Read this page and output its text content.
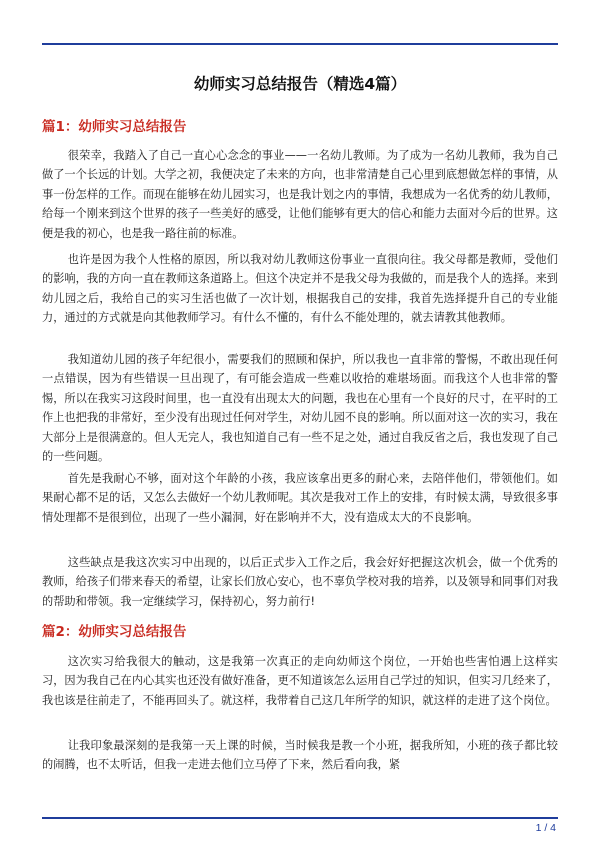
幼师实习总结报告（精选4篇）
篇1：幼师实习总结报告

很荣幸，我踏入了自己一直心心念念的事业——一名幼儿教师。为了成为一名幼儿教师，我为自己做了一个长远的计划。大学之初，我便决定了未来的方向，也非常清楚自己心里到底想做怎样的事情，从事一份怎样的工作。而现在能够在幼儿园实习，也是我计划之内的事情，我想成为一名优秀的幼儿教师，给每一个刚来到这个世界的孩子一些美好的感受，让他们能够有更大的信心和能力去面对今后的世界。这便是我的初心，也是我一路往前的标准。

也许是因为我个人性格的原因，所以我对幼儿教师这份事业一直很向往。我父母都是教师，受他们的影响，我的方向一直在教师这条道路上。但这个决定并不是我父母为我做的，而是我个人的选择。来到幼儿园之后，我给自己的实习生活也做了一次计划，根据我自己的安排，我首先选择提升自己的专业能力，通过的方式就是向其他教师学习。有什么不懂的，有什么不能处理的，就去请教其他教师。

我知道幼儿园的孩子年纪很小，需要我们的照顾和保护，所以我也一直非常的警惕，不敢出现任何一点错误，因为有些错误一旦出现了，有可能会造成一些难以收拾的难堪场面。而我这个人也非常的警惕，所以在我实习这段时间里，也一直没有出现太大的问题，我也在心里有一个良好的尺寸，在平时的工作上也把我的非常好，至少没有出现过任何对学生，对幼儿园不良的影响。所以面对这一次的实习，我在大部分上是很满意的。但人无完人，我也知道自己有一些不足之处，通过自我反省之后，我也发现了自己的一些问题。

首先是我耐心不够，面对这个年龄的小孩，我应该拿出更多的耐心来，去陪伴他们，带领他们。如果耐心都不足的话，又怎么去做好一个幼儿教师呢。其次是我对工作上的安排，有时候太满，导致很多事情处理都不是很到位，出现了一些小漏洞，好在影响并不大，没有造成太大的不良影响。

这些缺点是我这次实习中出现的，以后正式步入工作之后，我会好好把握这次机会，做一个优秀的教师，给孩子们带来春天的希望，让家长们放心安心，也不辜负学校对我的培养，以及领导和同事们对我的帮助和带领。我一定继续学习，保持初心，努力前行!

篇2：幼师实习总结报告

这次实习给我很大的触动，这是我第一次真正的走向幼师这个岗位，一开始也些害怕遇上这样实习，因为我自己在内心其实也还没有做好准备，更不知道该怎么运用自己学过的知识，但实习几经来了，我也该是往前走了，不能再回头了。就这样，我带着自己这几年所学的知识，就这样的走进了这个岗位。

让我印象最深刻的是我第一天上课的时候，当时候我是教一个小班，据我所知，小班的孩子都比较的闹腾，也不太听话，但我一走进去他们立马停了下来，然后看向我，紧

1 / 4
